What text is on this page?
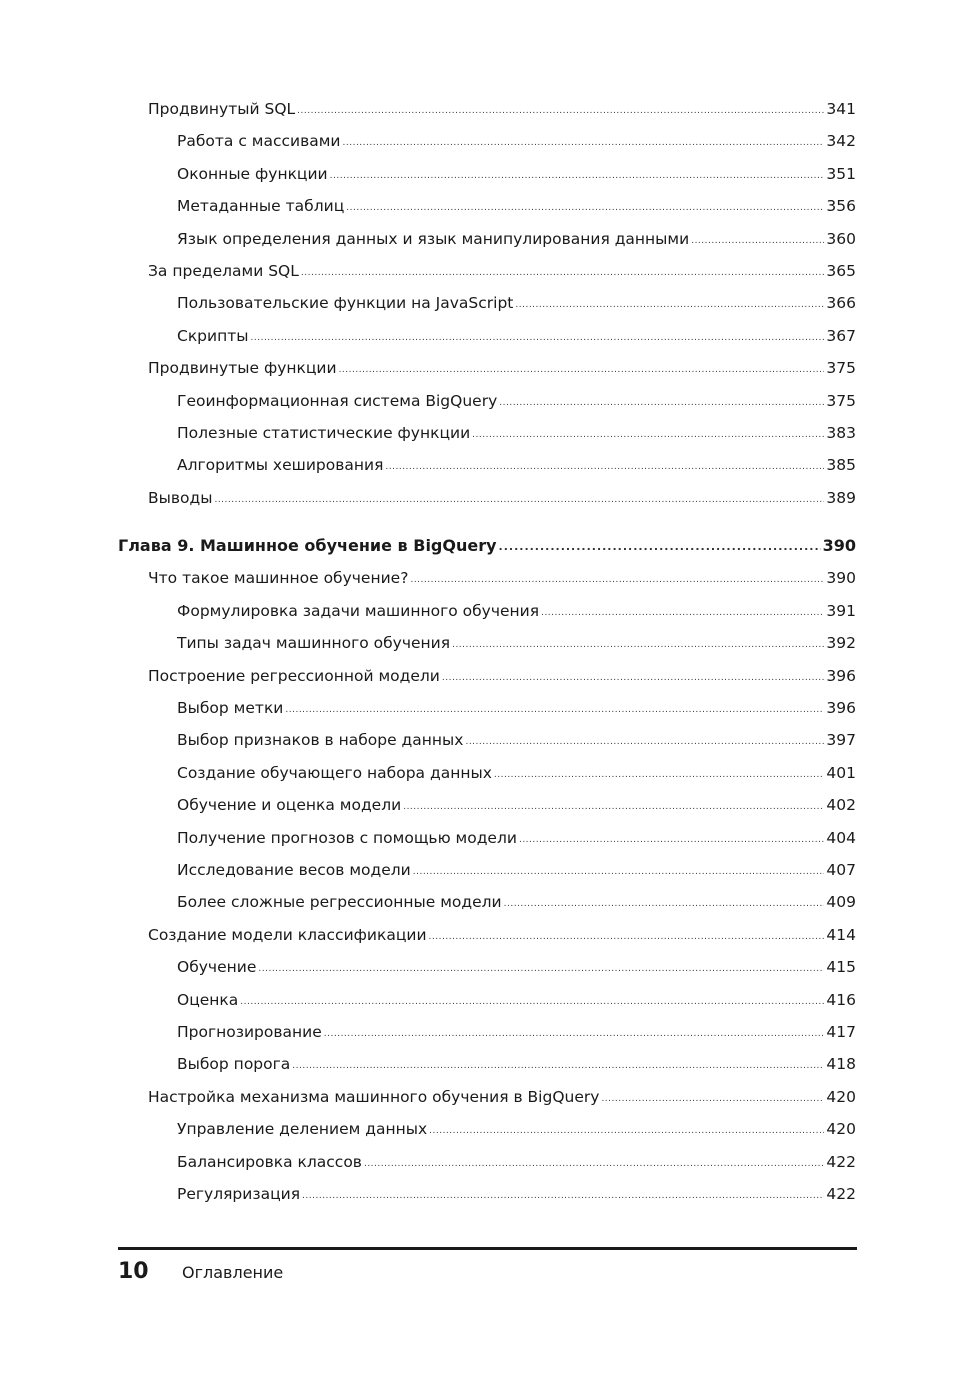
Продвинутый SQL .....	341
Работа с массивами .....	342
Оконные функции .....	351
Метаданные таблиц .....	356
Язык определения данных и язык манипулирования данными .....	360
За пределами SQL .....	365
Пользовательские функции на JavaScript .....	366
Скрипты .....	367
Продвинутые функции .....	375
Геоинформационная система BigQuery .....	375
Полезные статистические функции .....	383
Алгоритмы хеширования .....	385
Выводы .....	389
Глава 9. Машинное обучение в BigQuery .....	390
Что такое машинное обучение? .....	390
Формулировка задачи машинного обучения .....	391
Типы задач машинного обучения .....	392
Построение регрессионной модели .....	396
Выбор метки .....	396
Выбор признаков в наборе данных .....	397
Создание обучающего набора данных .....	401
Обучение и оценка модели .....	402
Получение прогнозов с помощью модели .....	404
Исследование весов модели .....	407
Более сложные регрессионные модели .....	409
Создание модели классификации .....	414
Обучение .....	415
Оценка .....	416
Прогнозирование .....	417
Выбор порога .....	418
Настройка механизма машинного обучения в BigQuery .....	420
Управление делением данных .....	420
Балансировка классов .....	422
Регуляризация .....	422
10	Оглавление
